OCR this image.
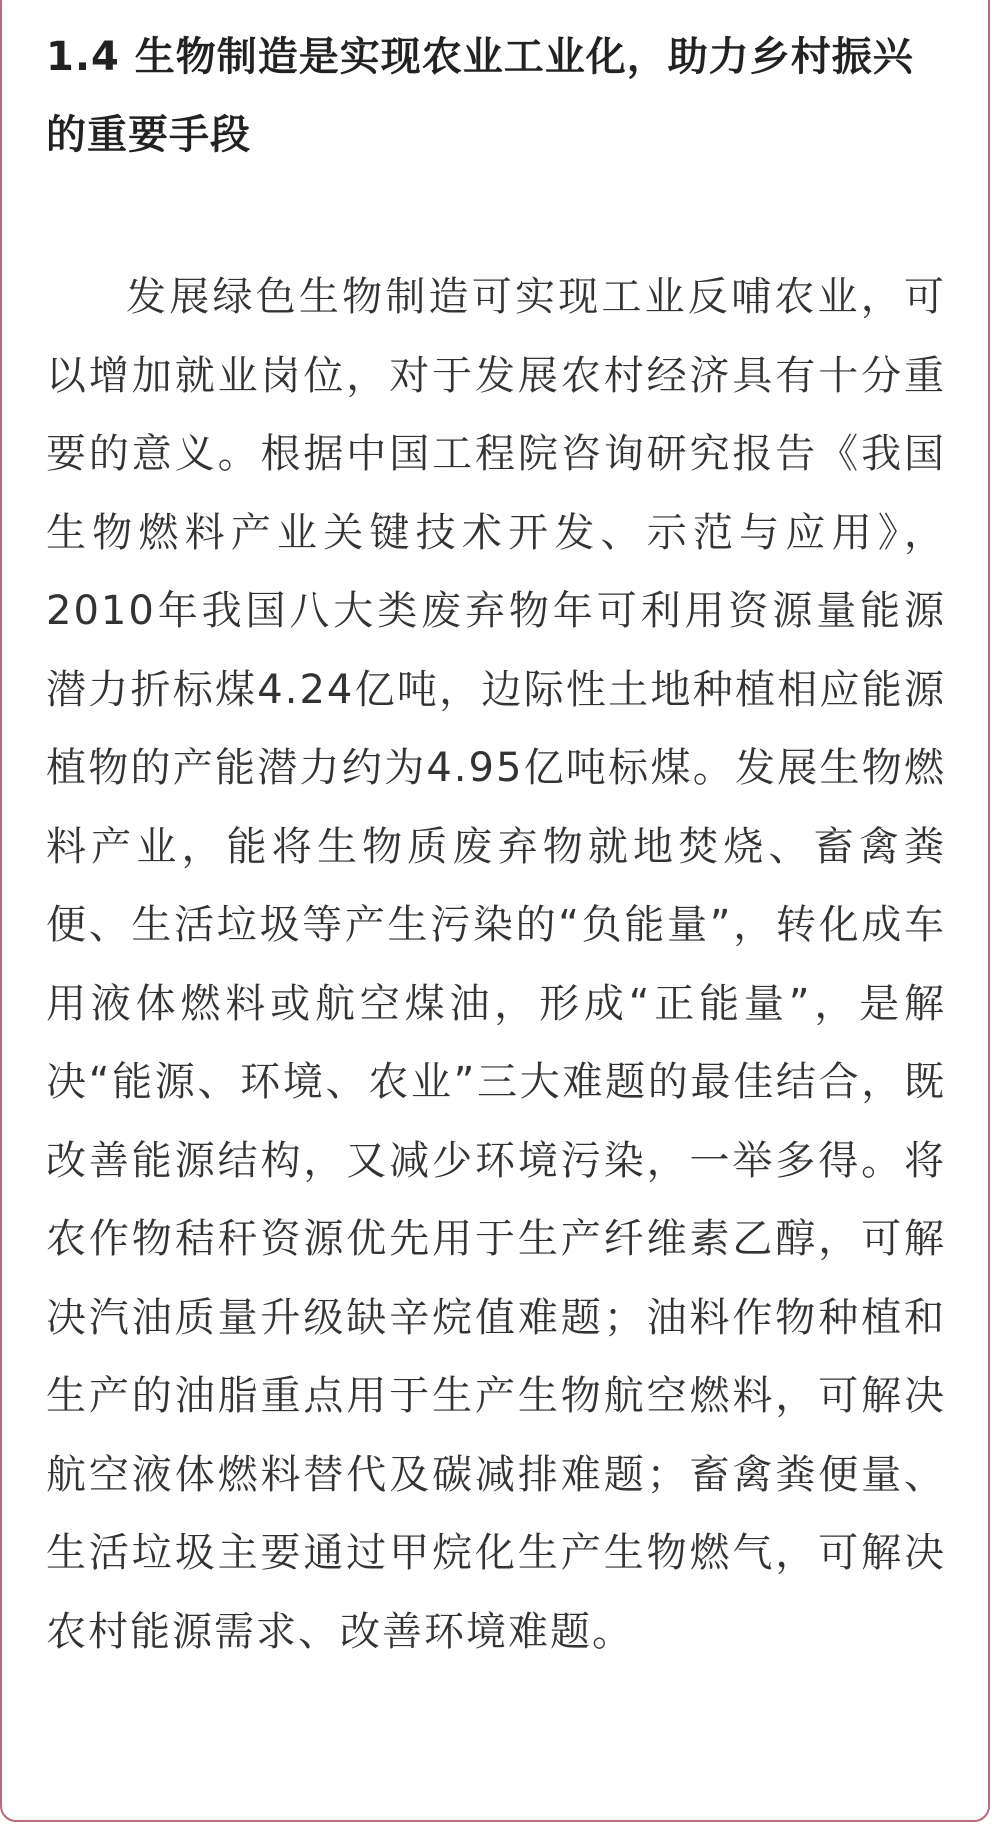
1.4 生物制造是实现农业工业化，助力乡村振兴的重要手段

发展绿色生物制造可实现工业反哺农业，可以增加就业岗位，对于发展农村经济具有十分重要的意义。根据中国工程院咨询研究报告《我国生物燃料产业关键技术开发、示范与应用》，2010年我国八大类废弃物年可利用资源量能源潜力折标煤4.24亿吨，边际性土地种植相应能源植物的产能潜力约为4.95亿吨标煤。发展生物燃料产业，能将生物质废弃物就地焚烧、畜禽粪便、生活垃圾等产生污染的“负能量”，转化成车用液体燃料或航空煤油，形成“正能量”，是解决“能源、环境、农业”三大难题的最佳结合，既改善能源结构，又减少环境污染，一举多得。将农作物秸秆资源优先用于生产纤维素乙醇，可解决汽油质量升级缺辛烷值难题；油料作物种植和生产的油脂重点用于生产生物航空燃料，可解决航空液体燃料替代及碳减排难题；畜禽粪便量、生活垃圾主要通过甲烷化生产生物燃气，可解决农村能源需求、改善环境难题。
